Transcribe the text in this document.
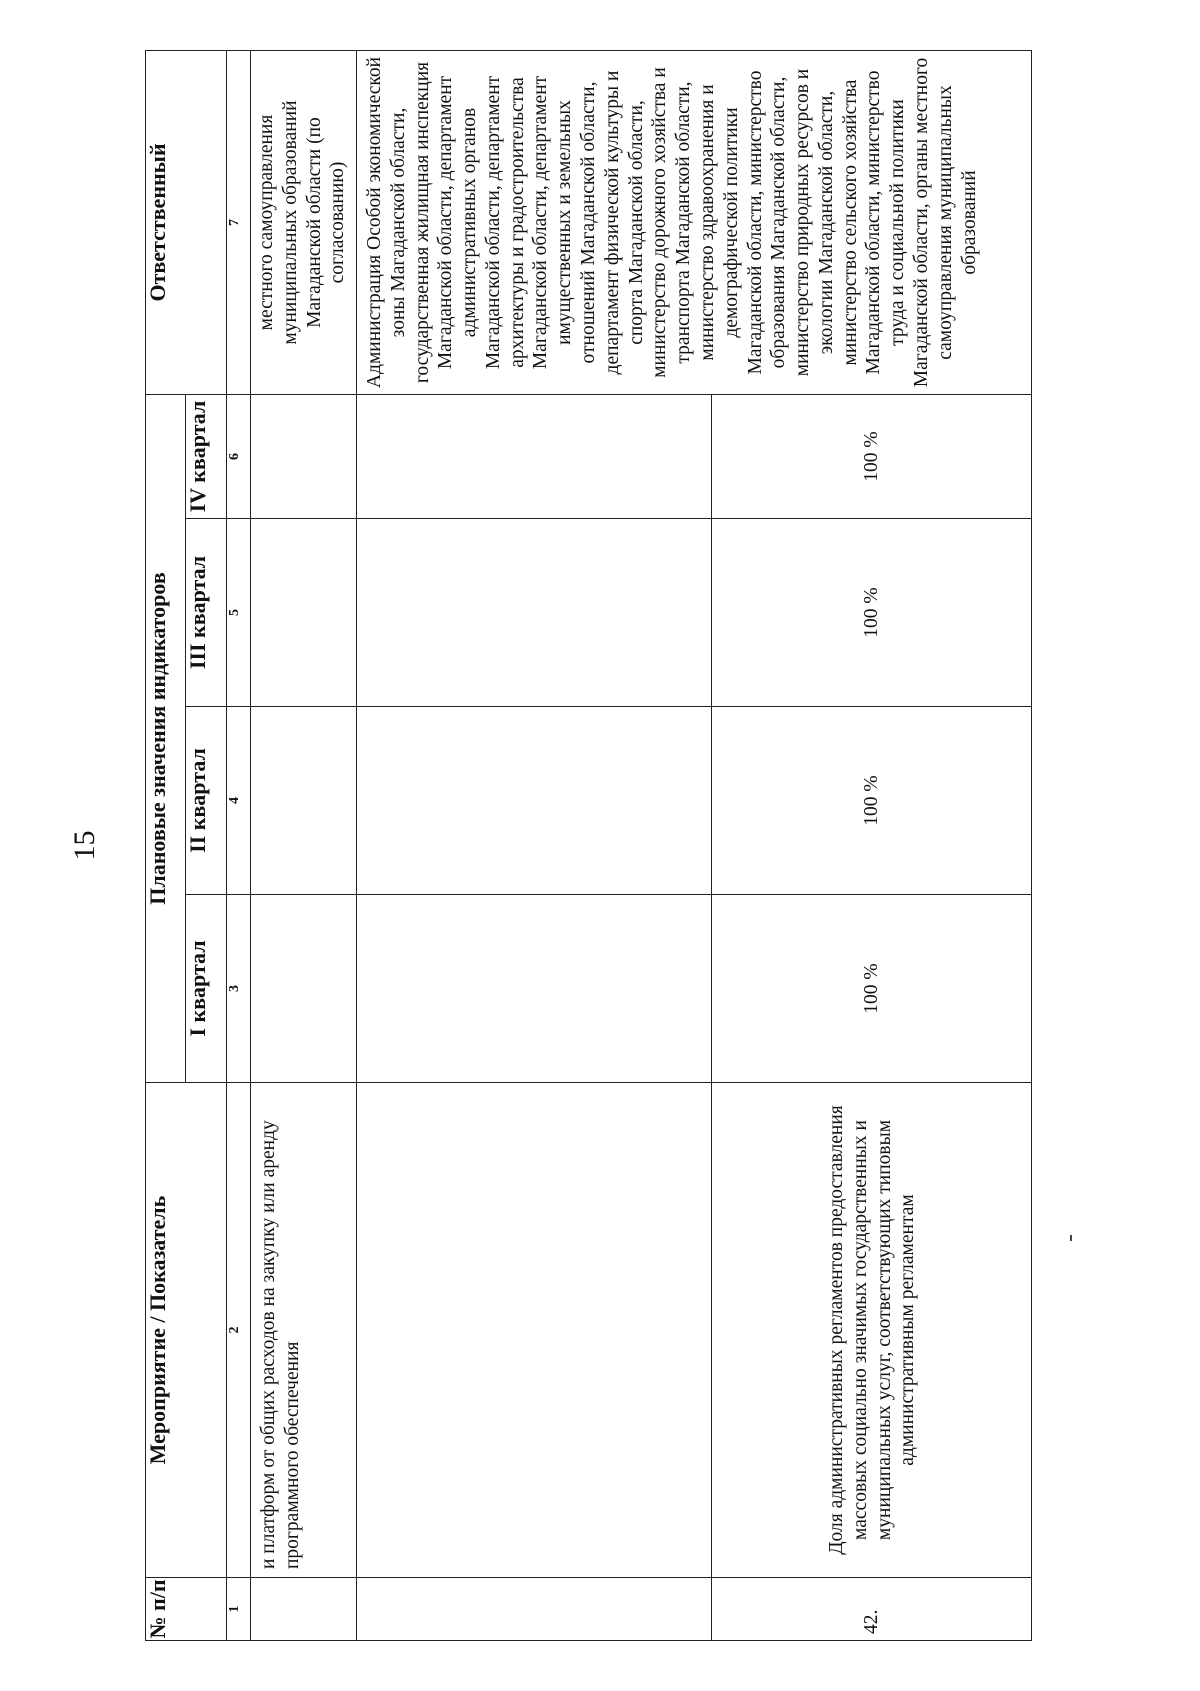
15
№ п/п	Мероприятие / Показатель	Плановые значения индикаторов				Ответственный
		I квартал	II квартал	III квартал	IV квартал	
1	2	3	4	5	6	7
	и платформ от общих расходов на закупку или аренду программного обеспечения					местного самоуправления муниципальных образований Магаданской области (по согласованию)
						Администрация Особой экономической зоны Магаданской области, государственная жилищная инспекция Магаданской области, департамент административных органов Магаданской области, департамент архитектуры и градостроительства Магаданской области, департамент имущественных и земельных отношений Магаданской области, департамент физической культуры и спорта Магаданской области, министерство дорожного хозяйства и транспорта Магаданской области, министерство здравоохранения и демографической политики Магаданской области, министерство образования Магаданской области, министерство природных ресурсов и экологии Магаданской области, министерство сельского хозяйства Магаданской области, министерство труда и социальной политики Магаданской области, органы местного самоуправления муниципальных образований
42.	Доля административных регламентов предоставления массовых социально значимых государственных и муниципальных услуг, соответствующих типовым административным регламентам	100 %	100 %	100 %	100 %	
